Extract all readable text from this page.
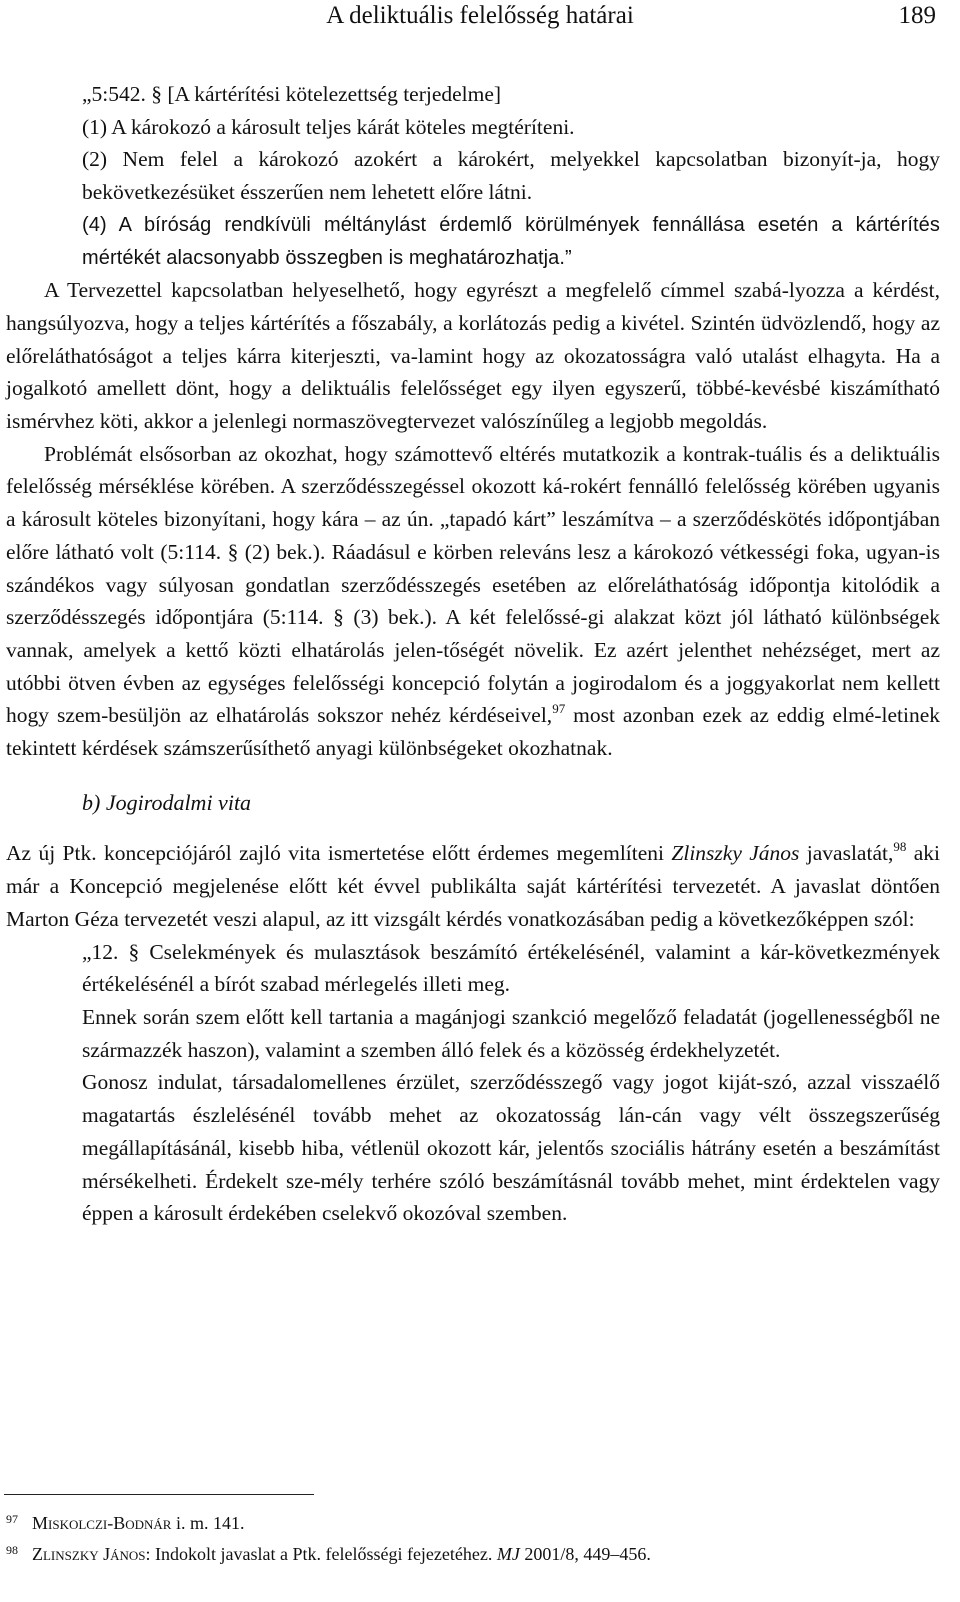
A deliktuális felelősség határai	189

„5:542. § [A kártérítési kötelezettség terjedelme]

(1) A károkozó a károsult teljes kárát köteles megtéríteni.

(2) Nem felel a károkozó azokért a károkért, melyekkel kapcsolatban bizonyít-ja, hogy bekövetkezésüket ésszerűen nem lehetett előre látni.

(4) A bíróság rendkívüli méltánylást érdemlő körülmények fennállása esetén a kártérítés mértékét alacsonyabb összegben is meghatározhatja.”

A Tervezettel kapcsolatban helyeselhető, hogy egyrészt a megfelelő címmel szabá-lyozza a kérdést, hangsúlyozva, hogy a teljes kártérítés a főszabály, a korlátozás pedig a kivétel. Szintén üdvözlendő, hogy az előreláthatóságot a teljes kárra kiterjeszti, va-lamint hogy az okozatosságra való utalást elhagyta. Ha a jogalkotó amellett dönt, hogy a deliktuális felelősséget egy ilyen egyszerű, többé-kevésbé kiszámítható ismérvhez köti, akkor a jelenlegi normaszövegtervezet valószínűleg a legjobb megoldás.

Problémát elsősorban az okozhat, hogy számottevő eltérés mutatkozik a kontrak-tuális és a deliktuális felelősség mérséklése körében. A szerződésszegéssel okozott ká-rokért fennálló felelősség körében ugyanis a károsult köteles bizonyítani, hogy kára – az ún. „tapadó kárt” leszámítva – a szerződéskötés időpontjában előre látható volt (5:114. § (2) bek.). Ráadásul e körben releváns lesz a károkozó vétkességi foka, ugyan-is szándékos vagy súlyosan gondatlan szerződésszegés esetében az előreláthatóság időpontja kitolódik a szerződésszegés időpontjára (5:114. § (3) bek.). A két felelőssé-gi alakzat közt jól látható különbségek vannak, amelyek a kettő közti elhatárolás jelen-tőségét növelik. Ez azért jelenthet nehézséget, mert az utóbbi ötven évben az egységes felelősségi koncepció folytán a jogirodalom és a joggyakorlat nem kellett hogy szem-besüljön az elhatárolás sokszor nehéz kérdéseivel,$^{97}$ most azonban ezek az eddig elmé-letinek tekintett kérdések számszerűsíthető anyagi különbségeket okozhatnak.

b) Jogirodalmi vita

Az új Ptk. koncepciójáról zajló vita ismertetése előtt érdemes megemlíteni Zlinszky János javaslatát,$^{98}$ aki már a Koncepció megjelenése előtt két évvel publikálta saját kártérítési tervezetét. A javaslat döntően Marton Géza tervezetét veszi alapul, az itt vizsgált kérdés vonatkozásában pedig a következőképpen szól:

„12. § Cselekmények és mulasztások beszámító értékelésénél, valamint a kár-következmények értékelésénél a bírót szabad mérlegelés illeti meg.

Ennek során szem előtt kell tartania a magánjogi szankció megelőző feladatát (jogellenességből ne származzék haszon), valamint a szemben álló felek és a közösség érdekhelyzetét.

Gonosz indulat, társadalomellenes érzület, szerződésszegő vagy jogot kiját-szó, azzal visszaélő magatartás észlelésénél tovább mehet az okozatosság lán-cán vagy vélt összegszerűség megállapításánál, kisebb hiba, vétlenül okozott kár, jelentős szociális hátrány esetén a beszámítást mérsékelheti. Érdekelt sze-mély terhére szóló beszámításnál tovább mehet, mint érdektelen vagy éppen a károsult érdekében cselekvő okozóval szemben.

97 Miskolczi-Bodnár i. m. 141.
98 Zlinszky János: Indokolt javaslat a Ptk. felelősségi fejezetéhez. MJ 2001/8, 449–456.
